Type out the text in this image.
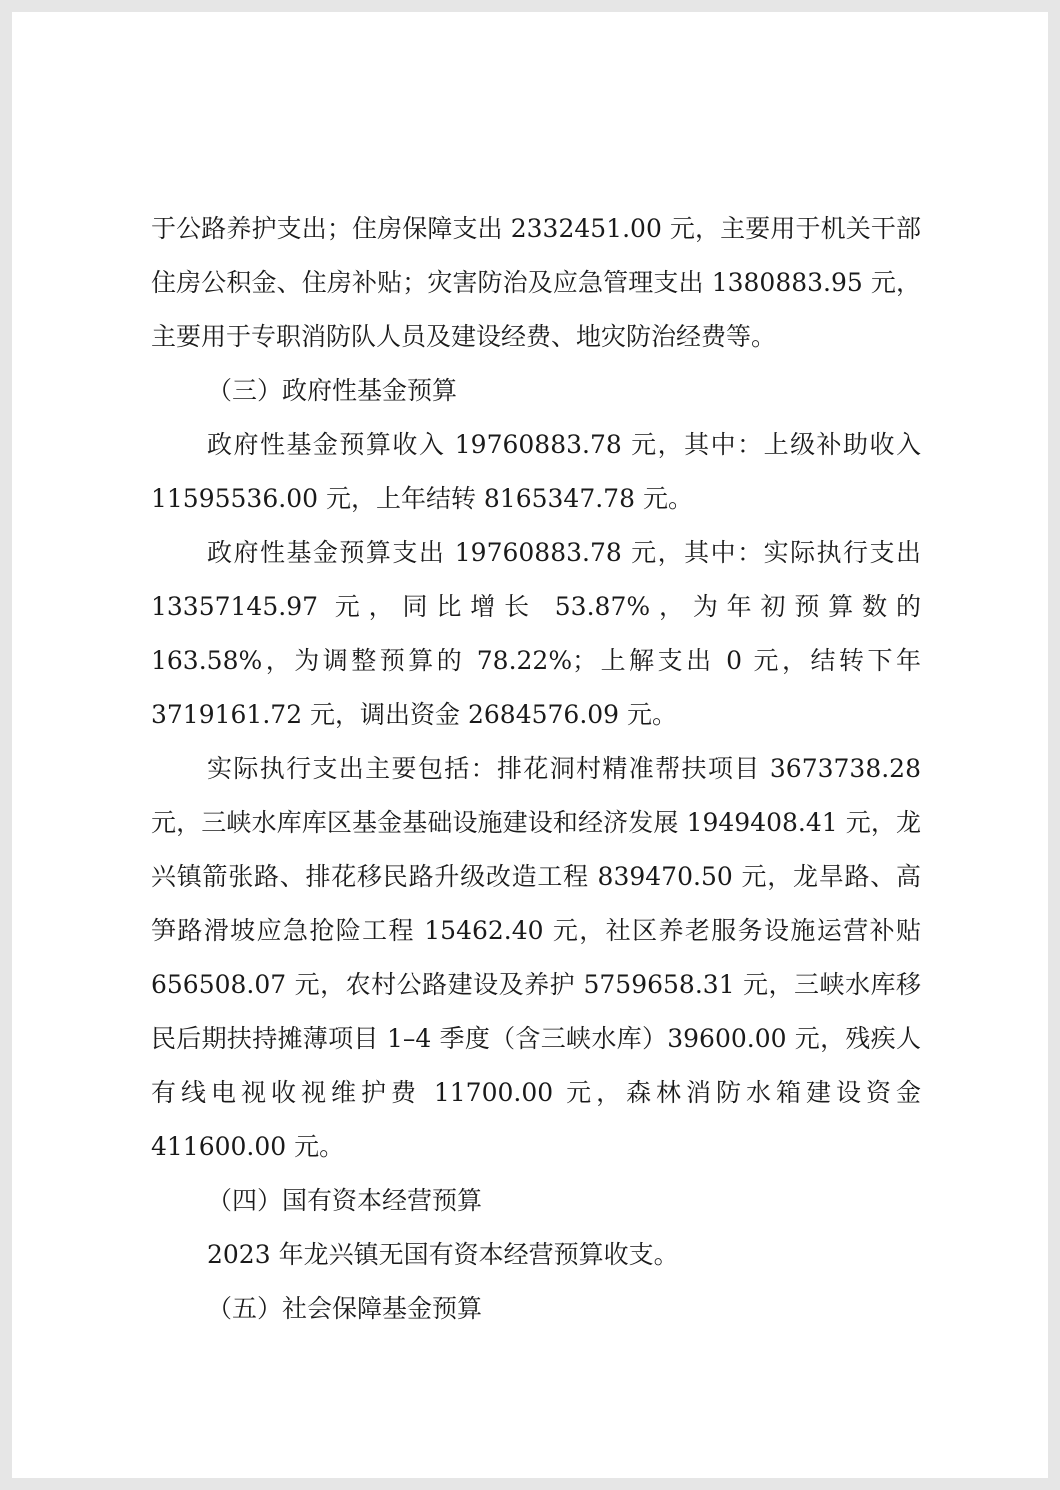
于公路养护支出；住房保障支出 2332451.00 元，主要用于机关干部住房公积金、住房补贴；灾害防治及应急管理支出 1380883.95 元，主要用于专职消防队人员及建设经费、地灾防治经费等。

（三）政府性基金预算

政府性基金预算收入 19760883.78 元，其中：上级补助收入 11595536.00 元，上年结转 8165347.78 元。

政府性基金预算支出 19760883.78 元，其中：实际执行支出 13357145.97 元，同比增长 53.87%，为年初预算数的 163.58%，为调整预算的 78.22%；上解支出 0 元，结转下年 3719161.72 元，调出资金 2684576.09 元。

实际执行支出主要包括：排花洞村精准帮扶项目 3673738.28 元，三峡水库库区基金基础设施建设和经济发展 1949408.41 元，龙兴镇箭张路、排花移民路升级改造工程 839470.50 元，龙旱路、高笋路滑坡应急抢险工程 15462.40 元，社区养老服务设施运营补贴 656508.07 元，农村公路建设及养护 5759658.31 元，三峡水库移民后期扶持摊薄项目 1–4 季度（含三峡水库）39600.00 元，残疾人有线电视收视维护费 11700.00 元，森林消防水箱建设资金 411600.00 元。

（四）国有资本经营预算

2023 年龙兴镇无国有资本经营预算收支。

（五）社会保障基金预算
